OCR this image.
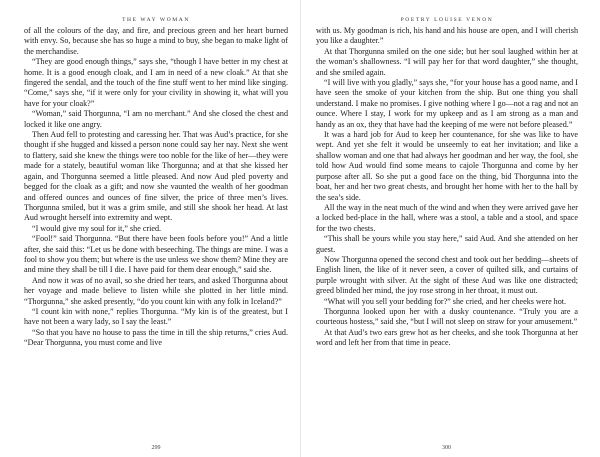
THE WAY WOMAN

of all the colours of the day, and fire, and precious green and her heart burned with envy. So, because she has so huge a mind to buy, she began to make light of the merchandise.

“They are good enough things,” says she, “though I have better in my chest at home. It is a good enough cloak, and I am in need of a new cloak.” At that she fingered the sendal, and the touch of the fine stuff went to her mind like singing. “Come,” says she, “if it were only for your civility in showing it, what will you have for your cloak?”

“Woman,” said Thorgunna, “I am no merchant.” And she closed the chest and locked it like one angry.

Then Aud fell to protesting and caressing her. That was Aud’s practice, for she thought if she hugged and kissed a person none could say her nay. Next she went to flattery, said she knew the things were too noble for the like of her—they were made for a stately, beautiful woman like Thorgunna; and at that she kissed her again, and Thorgunna seemed a little pleased. And now Aud pled poverty and begged for the cloak as a gift; and now she vaunted the wealth of her goodman and offered ounces and ounces of fine silver, the price of three men’s lives. Thorgunna smiled, but it was a grim smile, and still she shook her head. At last Aud wrought herself into extremity and wept.

“I would give my soul for it,” she cried.

“Fool!” said Thorgunna. “But there have been fools before you!” And a little after, she said this: “Let us be done with beseeching. The things are mine. I was a fool to show you them; but where is the use unless we show them? Mine they are and mine they shall be till I die. I have paid for them dear enough,” said she.

And now it was of no avail, so she dried her tears, and asked Thorgunna about her voyage and made believe to listen while she plotted in her little mind. “Thorgunna,” she asked presently, “do you count kin with any folk in Iceland?”

“I count kin with none,” replies Thorgunna. “My kin is of the greatest, but I have not been a wary lady, so I say the least.”

“So that you have no house to pass the time in till the ship returns,” cries Aud. “Dear Thorgunna, you must come and live

299
POETRY LOUISE VENON

with us. My goodman is rich, his hand and his house are open, and I will cherish you like a daughter.”

At that Thorgunna smiled on the one side; but her soul laughed within her at the woman’s shallowness. “I will pay her for that word daughter,” she thought, and she smiled again.

“I will live with you gladly,” says she, “for your house has a good name, and I have seen the smoke of your kitchen from the ship. But one thing you shall understand. I make no promises. I give nothing where I go—not a rag and not an ounce. Where I stay, I work for my upkeep and as I am strong as a man and handy as an ox, they that have had the keeping of me were not before pleased.”

It was a hard job for Aud to keep her countenance, for she was like to have wept. And yet she felt it would be unseemly to eat her invitation; and like a shallow woman and one that had always her goodman and her way, the fool, she told how Aud would find some means to cajole Thorgunna and come by her purpose after all. So she put a good face on the thing, bid Thorgunna into the boat, her and her two great chests, and brought her home with her to the hall by the sea’s side.

All the way in the neat much of the wind and when they were arrived gave her a locked bed-place in the hall, where was a stool, a table and a stool, and space for the two chests.

“This shall be yours while you stay here,” said Aud. And she attended on her guest.

Now Thorgunna opened the second chest and took out her bedding—sheets of English linen, the like of it never seen, a cover of quilted silk, and curtains of purple wrought with silver. At the sight of these Aud was like one distracted; greed blinded her mind, the joy rose strong in her throat, it must out.

“What will you sell your bedding for?” she cried, and her cheeks were hot.

Thorgunna looked upon her with a dusky countenance. “Truly you are a courteous hostess,” said she, “but I will not sleep on straw for your amusement.”

At that Aud’s two ears grew hot as her cheeks, and she took Thorgunna at her word and left her from that time in peace.

300
